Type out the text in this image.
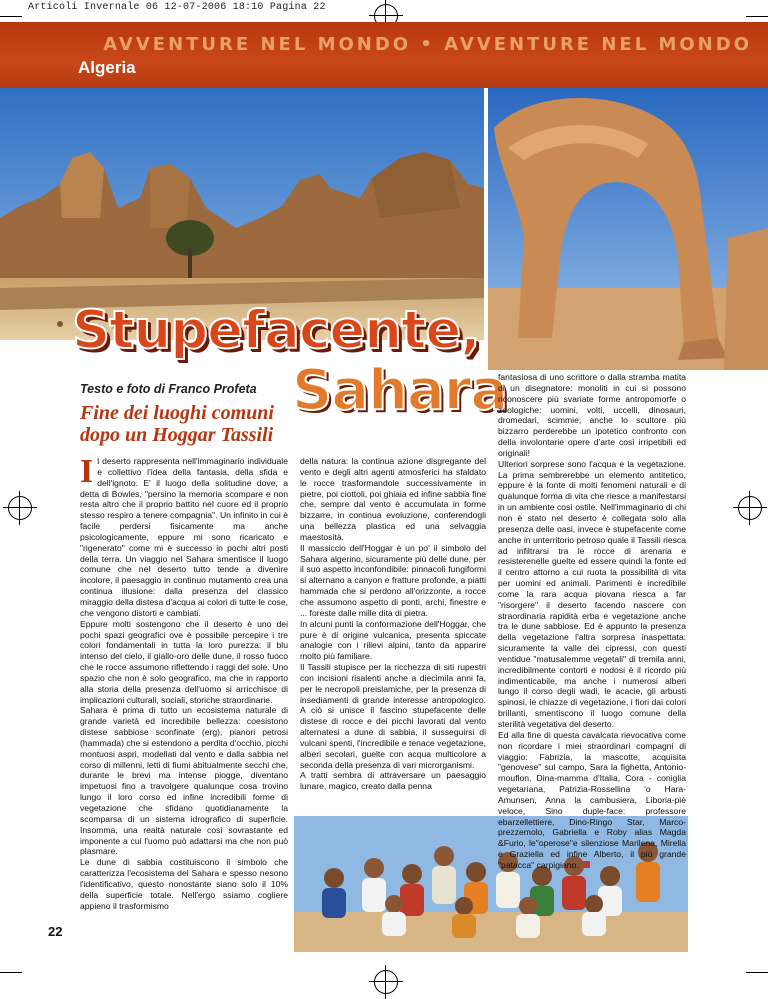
Articoli Invernale 06 12-07-2006 18:10 Pagina 22
AVVENTURE NEL MONDO • AVVENTURE NEL MONDO
Algeria
Stupefacente,
Sahara
Testo e foto di Franco Profeta
Fine dei luoghi comuni dopo un Hoggar Tassili
I l deserto rappresenta nell'immaginario individuale e collettivo l'idea della fantasia, della sfida e dell'ignoto. E' il luogo della solitudine dove, a detta di Bowles, "persino la memoria scompare e non resta altro che il proprio battito nel cuore ed il proprio stesso respiro a tenere compagnia". Un infinito in cui è facile perdersi fisicamente ma anche psicologicamente, eppure mi sono ricaricato e "rigenerato" come mi è successo in pochi altri posti della terra. Un viaggio nel Sahara smentisce il luogo comune che nel deserto tutto tende a divenire incolore, il paesaggio in continuo mutamento crea una continua illusione: dalla presenza del classico miraggio della distesa d'acqua ai colori di tutte le cose, che vengono distorti e cambiati.

Eppure molti sostengono che il deserto è uno dei pochi spazi geografici ove è possibile percepire i tre colori fondamentali in tutta la loro purezza: il blu intenso del cielo, il giallo-oro delle dune, il rosso fuoco che le rocce assumono riflettendo i raggi del sole. Uno spazio che non è solo geografico, ma che in rapporto alla storia della presenza dell'uomo si arricchisce di implicazioni culturali, sociali, storiche straordinarie.

Sahara è prima di tutto un ecosistema naturale di grande varietà ed incredibile bellezza: coesistono distese sabbiose sconfinate (erg), pianori petrosi (hammada) che si estendono a perdita d'occhio, picchi montuosi aspri, modellati dal vento e dalla sabbia nel corso di millenni, letti di fiumi abitualmente secchi che, durante le brevi ma intense piogge, diventano impetuosi fino a travolgere qualunque cosa trovino lungo il loro corso ed infine incredibili forme di vegetazione che sfidano quotidianamente la scomparsa di un sistema idrografico di superficie. Insomma, una realtà naturale così sovrastante ed imponente a cui l'uomo può adattarsi ma che non può plasmare.

Le dune di sabbia costituiscono il simbolo che caratterizza l'ecosistema del Sahara e spesso nesono l'identificativo, questo nonostante siano solo il 10% della superficie totale. Nell'ergo ssiamo cogliere appieno il trasformismo

della natura: la continua azione disgregante del vento e degli altri agenti atmosferici ha sfaldato le rocce trasformandole successivamente in pietre, poi ciottoli, poi ghiaia ed infine sabbia fine che, sempre dal vento è accumulata in forme bizzarre, in continua evoluzione, conferendogli una bellezza plastica ed una selvaggia maestosità.

Il massiccio dell'Hoggar è un po' il simbolo del Sahara algerino, sicuramente più delle dune, per il suo aspetto inconfondibile: pinnacoli fungiformi si alternano a canyon e fratture profonde, a piatti hammada che si perdono all'orizzonte, a rocce che assumono aspetto di ponti, archi, finestre e ... foreste dalle mille dita di pietra.

In alcuni punti la conformazione dell'Hoggar, che pure è di origine vulcanica, presenta spiccate analogie con i rilievi alpini, tanto da apparire molto più familiare.

Il Tassili stupisce per la ricchezza di siti rupestri con incisioni risalenti anche a diecimila anni fa, per le necropoli preislamiche, per la presenza di insediamenti di grande interesse antropologico. A ciò si unisce il fascino stupefacente delle distese di rocce e dei picchi lavorati dal vento alternatesi a dune di sabbia, il susseguirsi di vulcani spenti, l'incredibile e tenace vegetazione, alberi secolari, guelte con acqua multicolore a seconda della presenza di vari microrganismi.

A tratti sembra di attraversare un paesaggio lunare, magico, creato dalla penna

fantasiosa di uno scrittore o dalla stramba matita di un disegnatore: monoliti in cui si possono riconoscere più svariate forme antropomorfe o zoologiche: uomini, volti, uccelli, dinosauri, dromedari, scimmie; anche lo scultore più bizzarro perderebbe un ipotetico confronto con della involontarie opere d'arte così irripetibili ed originali!

Ulteriori sorprese sono l'acqua e la vegetazione. La prima sembrerebbe un elemento antitetico, eppure è la fonte di molti fenomeni naturali e di qualunque forma di vita che riesce a manifestarsi in un ambiente così ostile. Nell'immaginario di chi non è stato nel deserto è collegata solo alla presenza delle oasi, invece è stupefacente come anche in unterritorio petroso quale il Tassili riesca ad infiltrarsi tra le rocce di arenaria e resisterenelle guelte ed essere quindi la fonte ed il centro attorno a cui ruota la possibilità di vita per uomini ed animali. Parimenti è incredibile come la rara acqua piovana riesca a far "risorgere" il deserto facendo nascere con straordinaria rapidità erba e vegetazione anche tra le dune sabbiose. Ed è appunto la presenza della vegetazione l'altra sorpresa inaspettata: sicuramente la valle dei cipressi, con questi ventidue "matusalemme vegetali" di tremila anni, incredibilmente contorti e nodosi è il ricordo più indimenticabile, ma anche i numerosi alberi lungo il corso degli wadi, le acacie, gli arbusti spinosi, le chiazze di vegetazione, i fiori dai colori brillanti, smentiscono il luogo comune della sterilità vegetativa del deserto.

Ed alla fine di questa cavalcata rievocativa come non ricordare i miei straordinari compagni di viaggio: Fabrizia, la mascotte, acquisita "genovese" sul campo, Sara la fighetta, Antonio-rnouflon, Dina-mamma d'Italia, Cora - coniglia vegetariana, Patrizia-Rossellina 'o Hara-Amunsen, Anna la cambusiera, Liboria-piè veloce, Sino duple-face: professore ebarzellettiere, Dino-Ringo Star, Marco-prezzemolo, Gabriella e Roby alias Magda &Furio, le"operose"e silenziose Marilena, Mirella e Graziella ed infine Alberto, il più grande "patacca" carpigiano.

22
